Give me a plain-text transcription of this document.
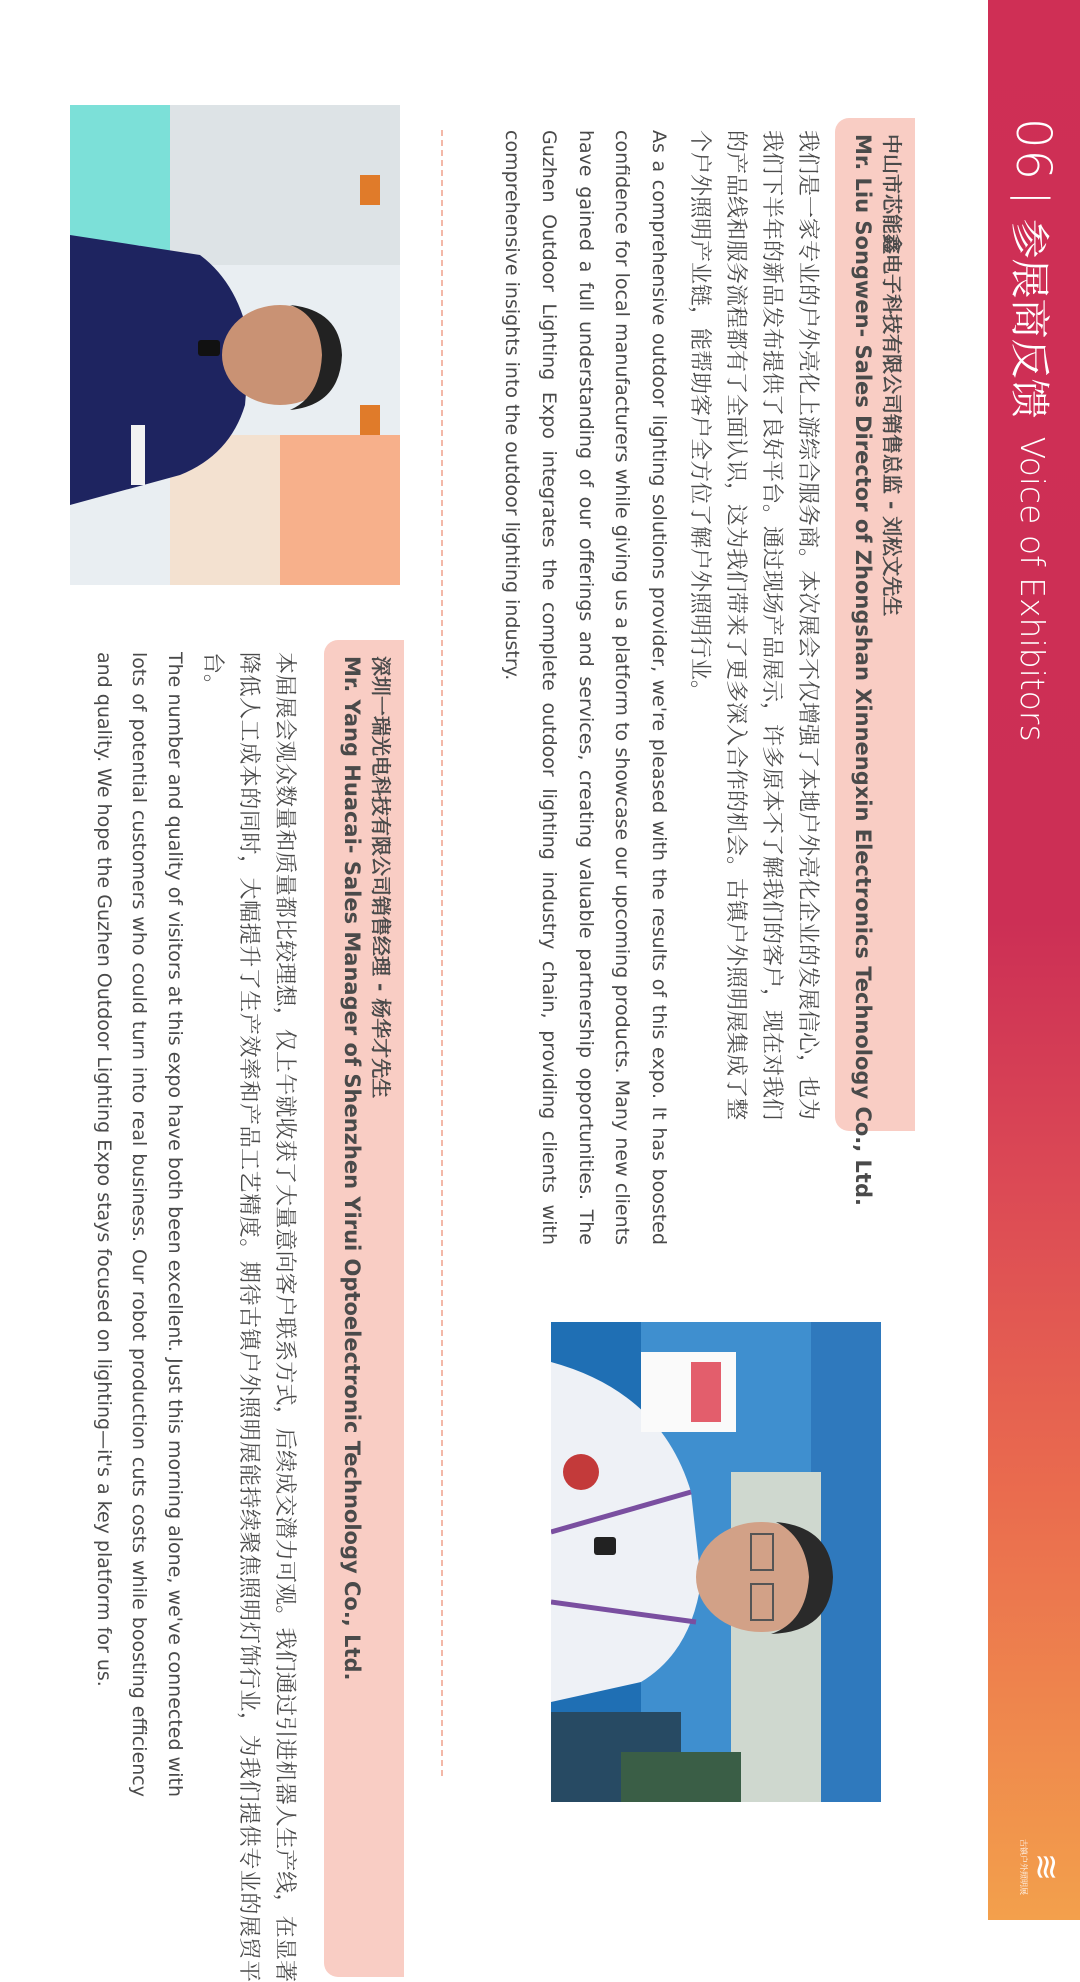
06
|
参展商反馈
Voice of Exhibitors
≋
古镇户外照明展
中山市芯能鑫电子科技有限公司销售总监 - 刘松文先生
Mr. Liu Songwen- Sales Director of Zhongshan Xinnengxin Electronics Technology Co., Ltd.
我们是一家专业的户外亮化上游综合服务商。本次展会不仅增强了本地户外亮化企业的发展信心，也为我们下半年的新品发布提供了良好平台。通过现场产品展示，许多原本不了解我们的客户，现在对我们的产品线和服务流程都有了全面认识，这为我们带来了更多深入合作的机会。古镇户外照明展集成了整个户外照明产业链，能帮助客户全方位了解户外照明行业。
As a comprehensive outdoor lighting solutions provider, we're pleased with the results of this expo. It has boosted confidence for local manufacturers while giving us a platform to showcase our upcoming products. Many new clients have gained a full understanding of our offerings and services, creating valuable partnership opportunities. The Guzhen Outdoor Lighting Expo integrates the complete outdoor lighting industry chain, providing clients with comprehensive insights into the outdoor lighting industry.
深圳一瑞光电科技有限公司销售经理 - 杨华才先生
Mr. Yang Huacai- Sales Manager of Shenzhen Yirui Optoelectronic Technology Co., Ltd.
本届展会观众数量和质量都比较理想，仅上午就收获了大量意向客户联系方式，后续成交潜力可观。我们通过引进机器人生产线，在显著降低人工成本的同时，大幅提升了生产效率和产品工艺精度。期待古镇户外照明展能持续聚焦照明灯饰行业，为我们提供专业的展贸平台。
The number and quality of visitors at this expo have both been excellent. Just this morning alone, we've connected with lots of potential customers who could turn into real business. Our robot production cuts costs while boosting efficiency and quality. We hope the Guzhen Outdoor Lighting Expo stays focused on lighting—it's a key platform for us.
